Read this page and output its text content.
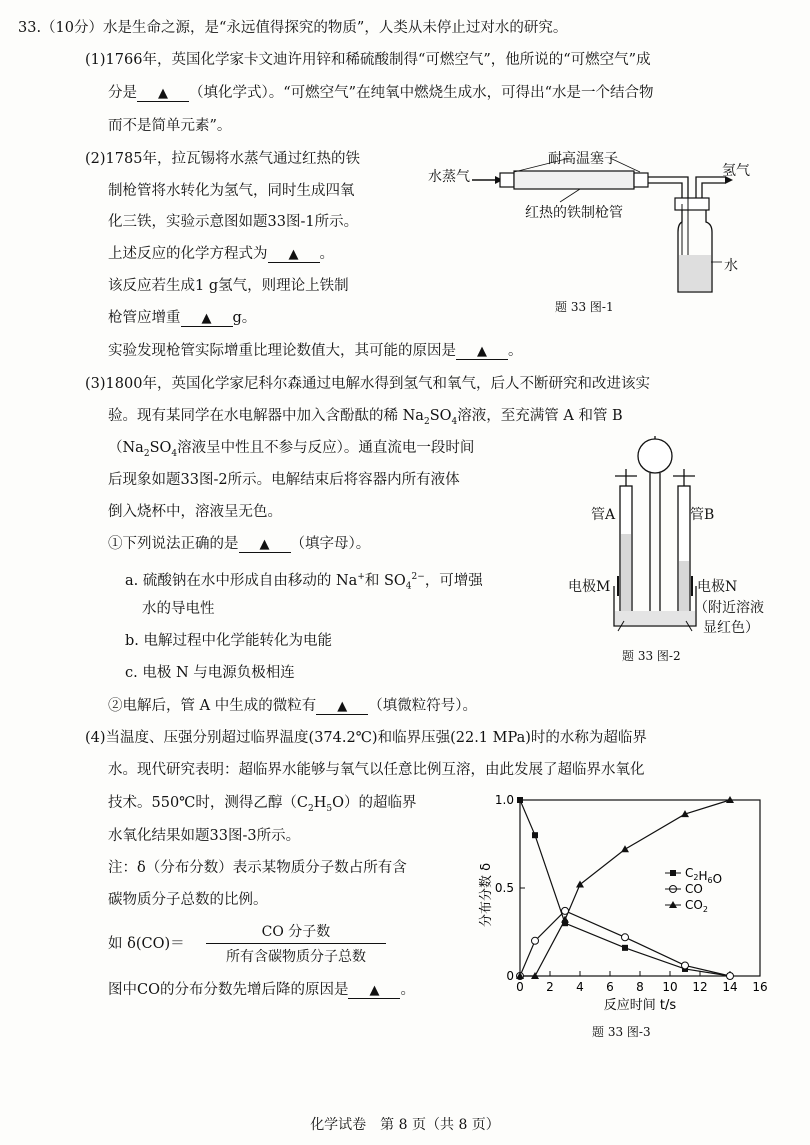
33.（10分）水是生命之源，是“永远值得探究的物质”，人类从未停止过对水的研究。
(1)1766年，英国化学家卡文迪许用锌和稀硫酸制得“可燃空气”，他所说的“可燃空气”成
分是 ▲ （填化学式）。“可燃空气”在纯氧中燃烧生成水，可得出“水是一个结合物
而不是简单元素”。
(2)1785年，拉瓦锡将水蒸气通过红热的铁
制枪管将水转化为氢气，同时生成四氧
化三铁，实验示意图如题33图-1所示。
上述反应的化学方程式为 ▲ 。
该反应若生成1 g氢气，则理论上铁制
枪管应增重 ▲ g。
实验发现枪管实际增重比理论数值大，其可能的原因是 ▲ 。
水蒸气
耐高温塞子
氢气
红热的铁制枪管
水
题 33 图-1
(3)1800年，英国化学家尼科尔森通过电解水得到氢气和氧气，后人不断研究和改进该实
验。现有某同学在水电解器中加入含酚酞的稀 $Na_2SO_4$溶液，至充满管 A 和管 B
（$Na_2SO_4$溶液呈中性且不参与反应）。通直流电一段时间
后现象如题33图-2所示。电解结束后将容器内所有液体
倒入烧杯中，溶液呈无色。
①下列说法正确的是 ▲ （填字母）。
a. 硫酸钠在水中形成自由移动的 Na+和 $SO_4^{2-}$，可增强
水的导电性
b. 电解过程中化学能转化为电能
c. 电极 N 与电源负极相连
②电解后，管 A 中生成的微粒有 ▲ （填微粒符号）。
管A	管B
电极M	电极N
（附近溶液
显红色）
题 33 图-2
(4)当温度、压强分别超过临界温度(374.2℃)和临界压强(22.1 MPa)时的水称为超临界
水。现代研究表明：超临界水能够与氧气以任意比例互溶，由此发展了超临界水氧化
技术。550℃时，测得乙醇$(C_2H_5O)$的超临界
水氧化结果如题33图-3所示。
注：δ（分布分数）表示某物质分子数占所有含
碳物质分子总数的比例。
如 δ(CO)＝
CO 分子数
所有含碳物质分子总数
图中CO的分布分数先增后降的原因是 ▲ 。	0 2 4 6 8 10 12 14 16
0
0.5
1.0
分布分数 δ
反应时间 t/s
$C_2H_6O$
CO
$CO_2$
题 33 图-3
化学试卷　第 8 页（共 8 页）
